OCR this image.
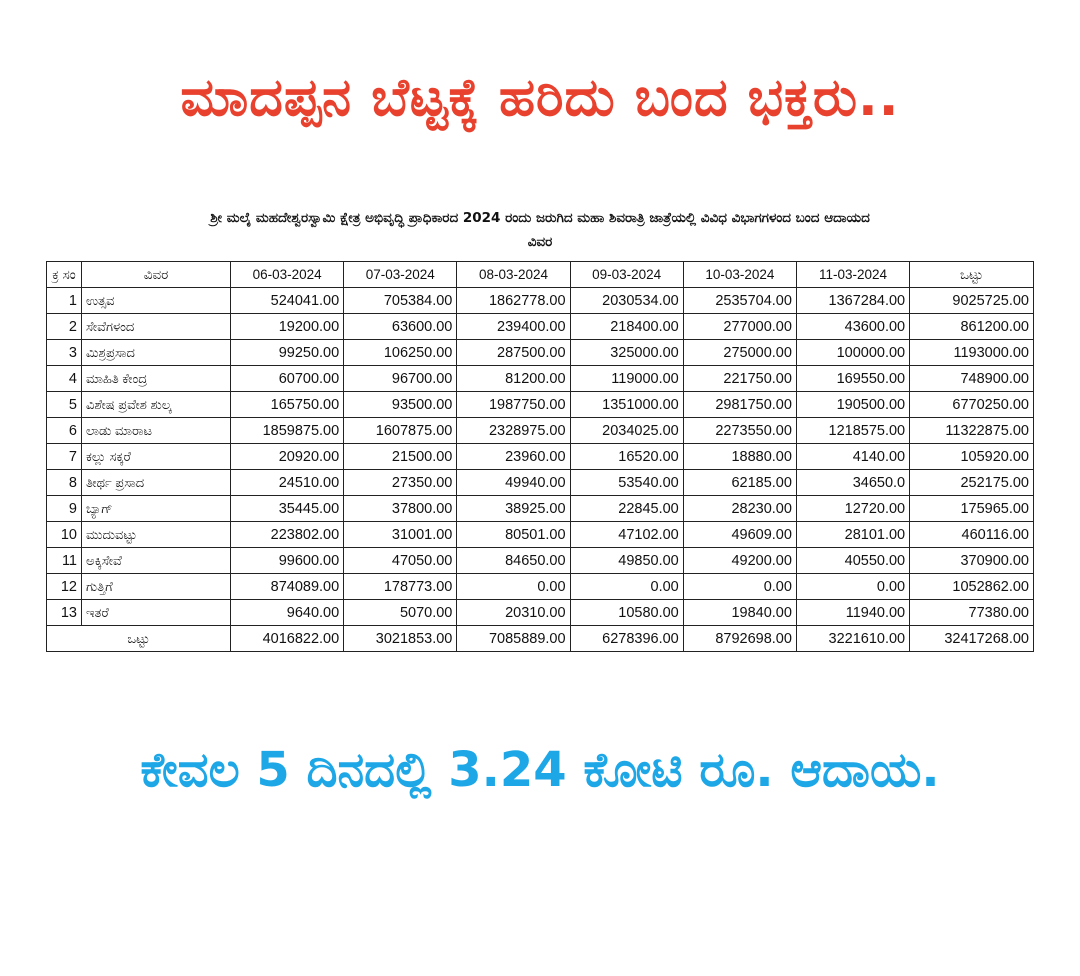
ಮಾದಪ್ಪನ ಬೆಟ್ಟಕ್ಕೆ ಹರಿದು ಬಂದ ಭಕ್ತರು..
ಶ್ರೀ ಮಲೈ ಮಹದೇಶ್ವರಸ್ವಾಮಿ ಕ್ಷೇತ್ರ ಅಭಿವೃದ್ಧಿ ಪ್ರಾಧಿಕಾರದ 2024 ರಂದು ಜರುಗಿದ ಮಹಾ ಶಿವರಾತ್ರಿ ಜಾತ್ರೆಯಲ್ಲಿ ವಿವಿಧ ವಿಭಾಗಗಳಂದ ಬಂದ ಆದಾಯದ
ವಿವರ
ಕ್ರ ಸಂ	ವಿವರ	06-03-2024	07-03-2024	08-03-2024	09-03-2024	10-03-2024	11-03-2024	ಒಟ್ಟು
1	ಉತ್ಸವ	524041.00	705384.00	1862778.00	2030534.00	2535704.00	1367284.00	9025725.00
2	ಸೇವೆಗಳಂದ	19200.00	63600.00	239400.00	218400.00	277000.00	43600.00	861200.00
3	ಮಿಶ್ರಪ್ರಸಾದ	99250.00	106250.00	287500.00	325000.00	275000.00	100000.00	1193000.00
4	ಮಾಹಿತಿ ಕೇಂದ್ರ	60700.00	96700.00	81200.00	119000.00	221750.00	169550.00	748900.00
5	ವಿಶೇಷ ಪ್ರವೇಶ ಶುಲ್ಕ	165750.00	93500.00	1987750.00	1351000.00	2981750.00	190500.00	6770250.00
6	ಲಾಡು ಮಾರಾಟ	1859875.00	1607875.00	2328975.00	2034025.00	2273550.00	1218575.00	11322875.00
7	ಕಲ್ಲು ಸಕ್ಕರೆ	20920.00	21500.00	23960.00	16520.00	18880.00	4140.00	105920.00
8	ತೀರ್ಥ ಪ್ರಸಾದ	24510.00	27350.00	49940.00	53540.00	62185.00	34650.0	252175.00
9	ಬ್ಯಾಗ್	35445.00	37800.00	38925.00	22845.00	28230.00	12720.00	175965.00
10	ಮುದುವಟ್ಟು	223802.00	31001.00	80501.00	47102.00	49609.00	28101.00	460116.00
11	ಅಕ್ಕಿಸೇವೆ	99600.00	47050.00	84650.00	49850.00	49200.00	40550.00	370900.00
12	ಗುತ್ತಿಗೆ	874089.00	178773.00	0.00	0.00	0.00	0.00	1052862.00
13	ಇತರೆ	9640.00	5070.00	20310.00	10580.00	19840.00	11940.00	77380.00
ಒಟ್ಟು		4016822.00	3021853.00	7085889.00	6278396.00	8792698.00	3221610.00	32417268.00
ಕೇವಲ 5 ದಿನದಲ್ಲಿ 3.24 ಕೋಟಿ ರೂ. ಆದಾಯ.
